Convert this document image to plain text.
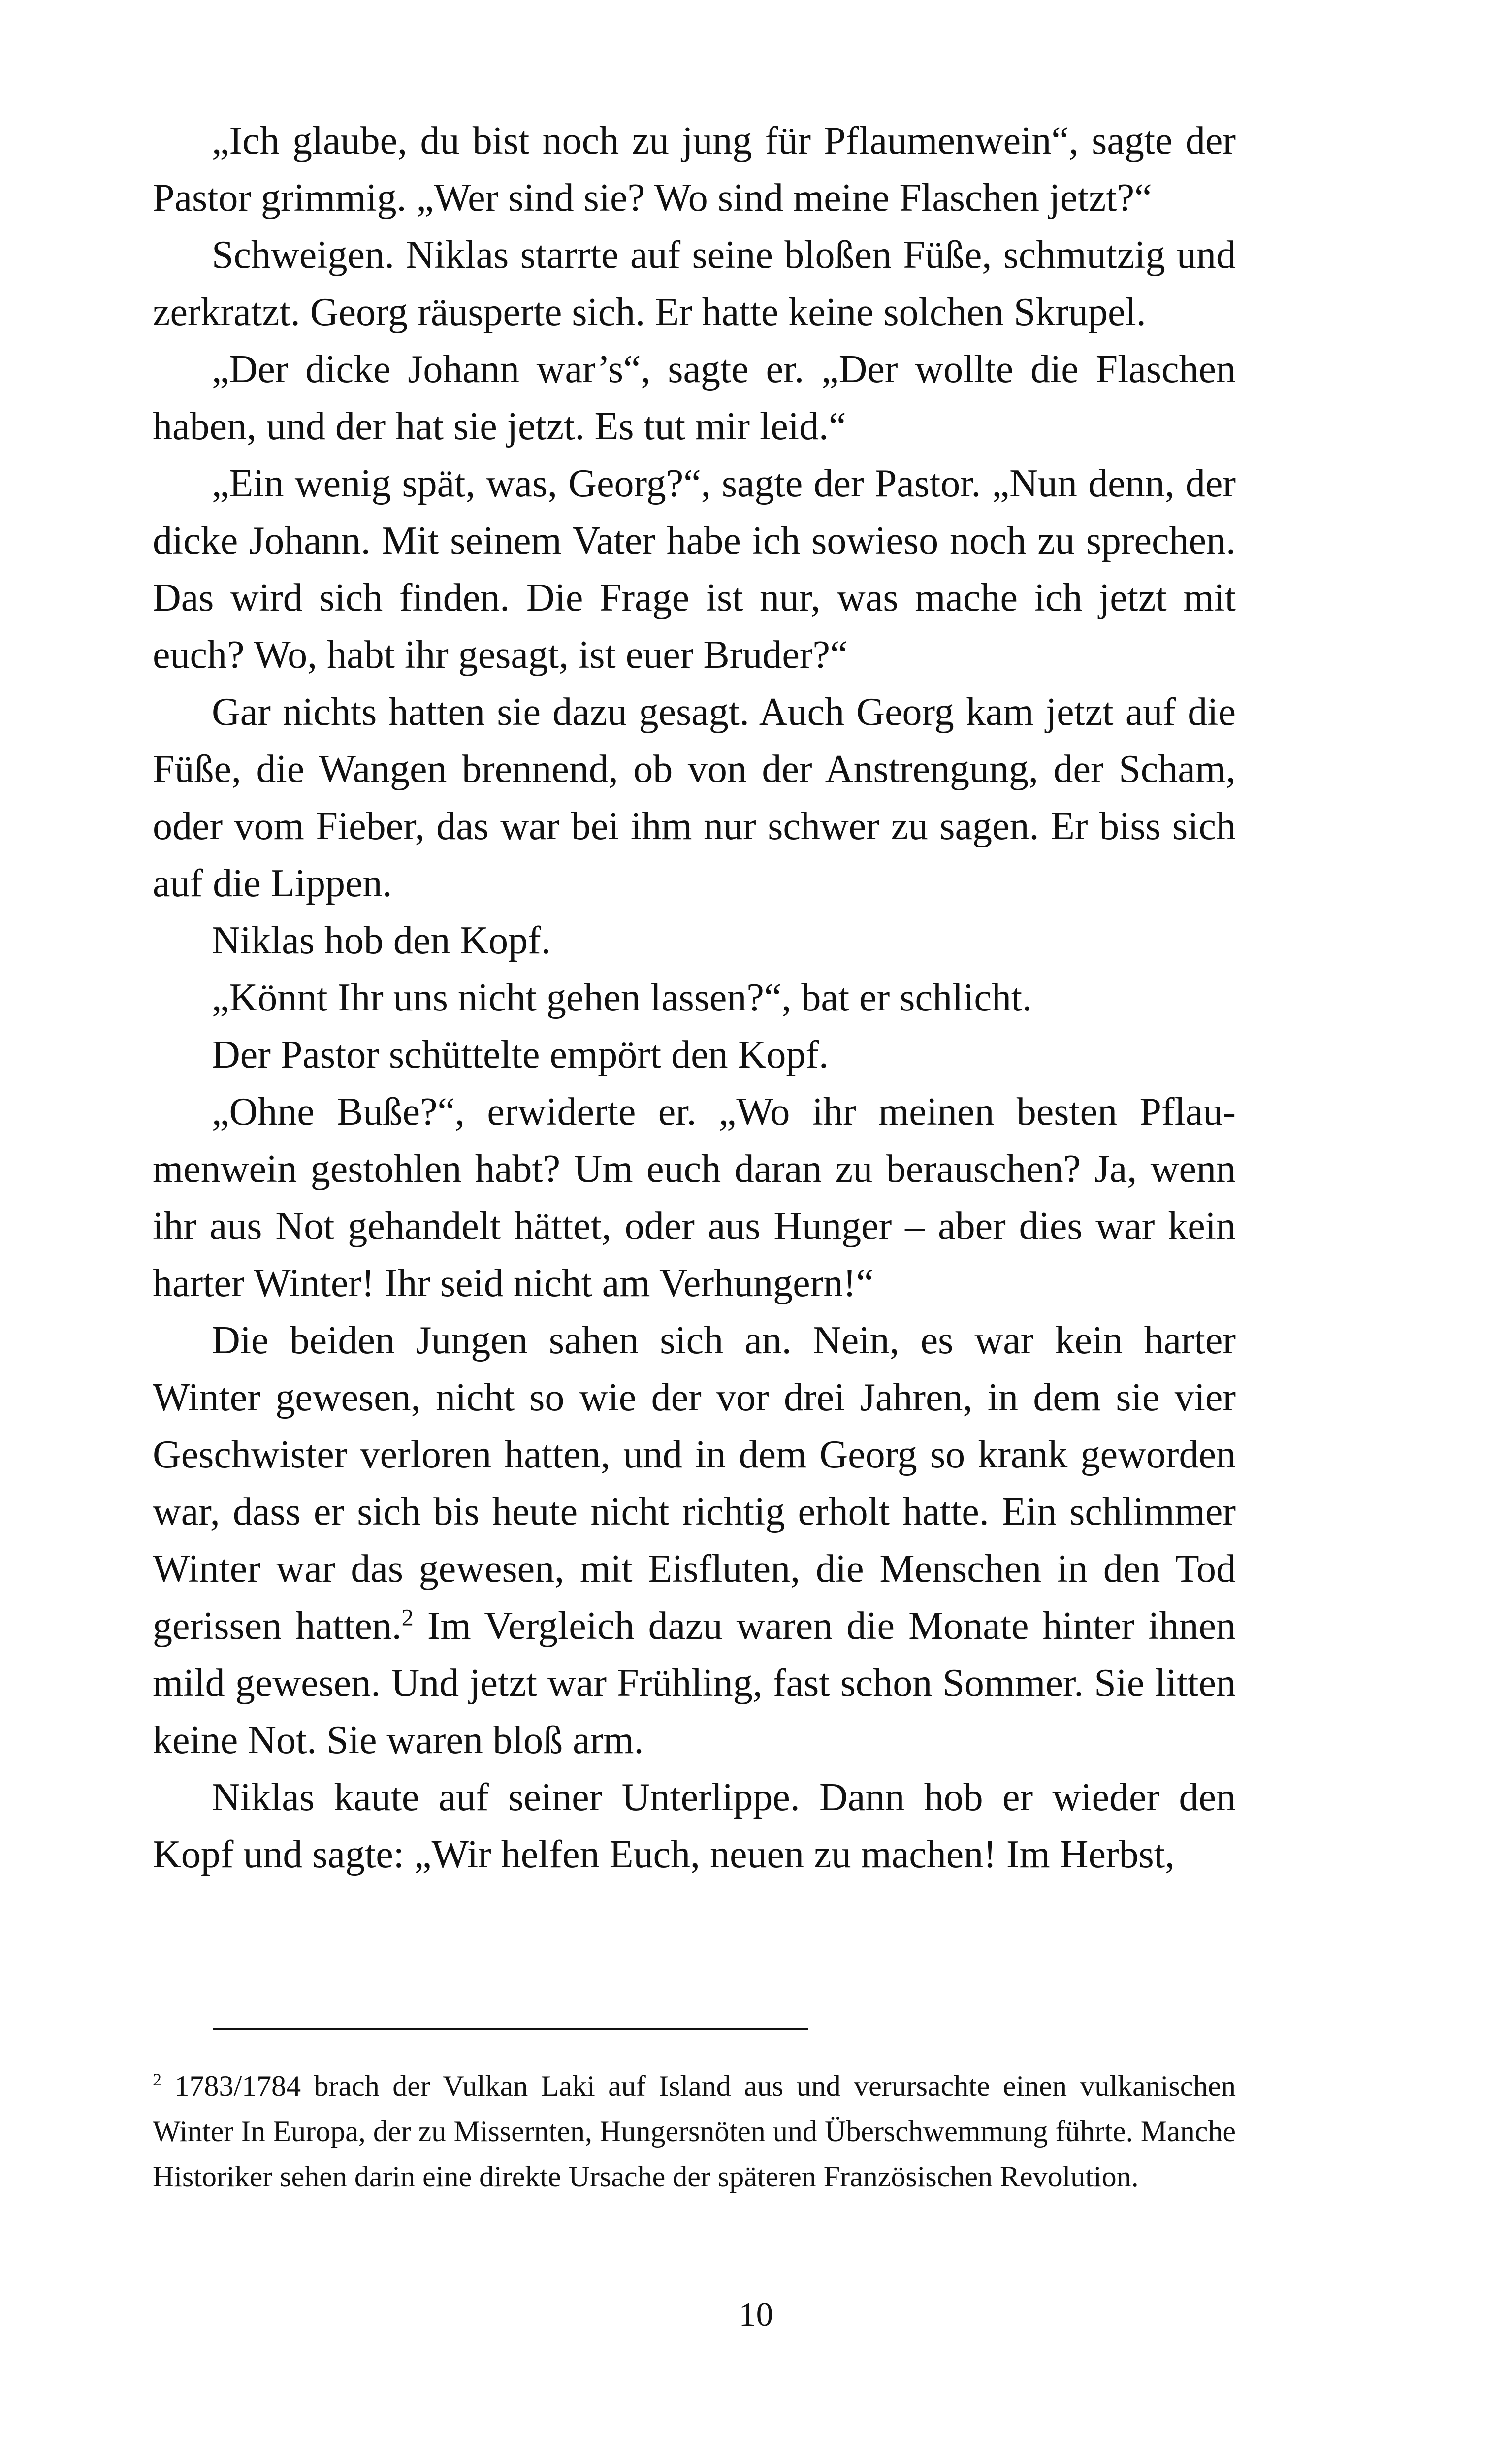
„Ich glaube, du bist noch zu jung für Pflaumenwein“, sagte der Pastor grimmig. „Wer sind sie? Wo sind meine Flaschen jetzt?“

Schweigen. Niklas starrte auf seine bloßen Füße, schmutzig und zerkratzt. Georg räusperte sich. Er hatte keine solchen Skrupel.

„Der dicke Johann war’s“, sagte er. „Der wollte die Flaschen haben, und der hat sie jetzt. Es tut mir leid.“

„Ein wenig spät, was, Georg?“, sagte der Pastor. „Nun denn, der dicke Johann. Mit seinem Vater habe ich sowieso noch zu sprechen. Das wird sich finden. Die Frage ist nur, was mache ich jetzt mit euch? Wo, habt ihr gesagt, ist euer Bruder?“

Gar nichts hatten sie dazu gesagt. Auch Georg kam jetzt auf die Füße, die Wangen brennend, ob von der Anstrengung, der Scham, oder vom Fieber, das war bei ihm nur schwer zu sagen. Er biss sich auf die Lippen.

Niklas hob den Kopf.

„Könnt Ihr uns nicht gehen lassen?“, bat er schlicht.

Der Pastor schüttelte empört den Kopf.

„Ohne Buße?“, erwiderte er. „Wo ihr meinen besten Pflaumenwein gestohlen habt? Um euch daran zu berauschen? Ja, wenn ihr aus Not gehandelt hättet, oder aus Hunger – aber dies war kein harter Winter! Ihr seid nicht am Verhungern!“

Die beiden Jungen sahen sich an. Nein, es war kein harter Winter gewesen, nicht so wie der vor drei Jahren, in dem sie vier Geschwister verloren hatten, und in dem Georg so krank geworden war, dass er sich bis heute nicht richtig erholt hatte. Ein schlimmer Winter war das gewesen, mit Eisfluten, die Menschen in den Tod gerissen hatten.$^2$ Im Vergleich dazu waren die Monate hinter ihnen mild gewesen. Und jetzt war Frühling, fast schon Sommer. Sie litten keine Not. Sie waren bloß arm.

Niklas kaute auf seiner Unterlippe. Dann hob er wieder den Kopf und sagte: „Wir helfen Euch, neuen zu machen! Im Herbst,

$^2$ 1783/1784 brach der Vulkan Laki auf Island aus und verursachte einen vulkanischen Winter In Europa, der zu Missernten, Hungersnöten und Überschwemmung führte. Manche Historiker sehen darin eine direkte Ursache der späteren Französischen Revolution.

10
